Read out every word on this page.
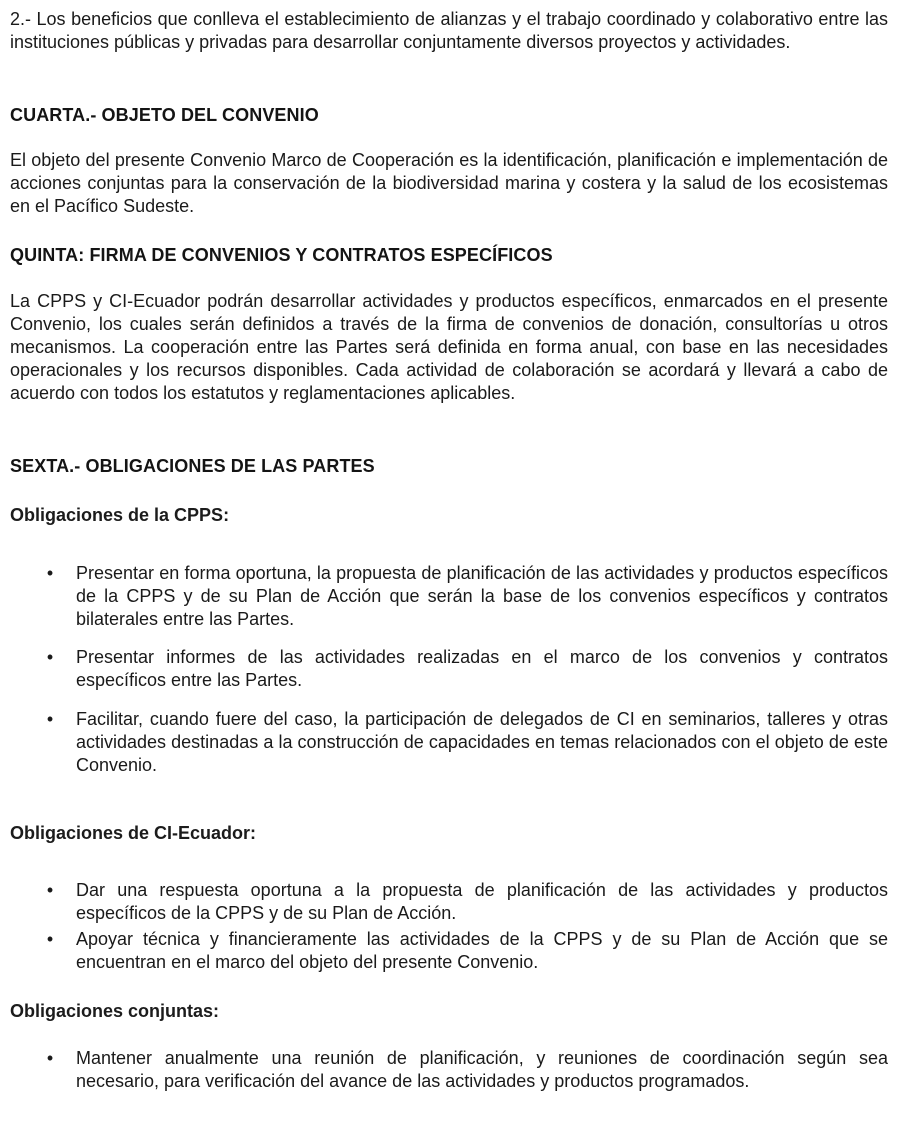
2.- Los beneficios que conlleva el establecimiento de alianzas y el trabajo coordinado y colaborativo entre las instituciones públicas y privadas para desarrollar conjuntamente diversos proyectos y actividades.

CUARTA.- OBJETO DEL CONVENIO

El objeto del presente Convenio Marco de Cooperación es la identificación, planificación e implementación de acciones conjuntas para la conservación de la biodiversidad marina y costera y la salud de los ecosistemas en el Pacífico Sudeste.

QUINTA: FIRMA DE CONVENIOS Y CONTRATOS ESPECÍFICOS

La CPPS y CI-Ecuador podrán desarrollar actividades y productos específicos, enmarcados en el presente Convenio, los cuales serán definidos a través de la firma de convenios de donación, consultorías u otros mecanismos. La cooperación entre las Partes será definida en forma anual, con base en las necesidades operacionales y los recursos disponibles. Cada actividad de colaboración se acordará y llevará a cabo de acuerdo con todos los estatutos y reglamentaciones aplicables.

SEXTA.- OBLIGACIONES DE LAS PARTES
Obligaciones de la CPPS:
• Presentar en forma oportuna, la propuesta de planificación de las actividades y productos específicos de la CPPS y de su Plan de Acción que serán la base de los convenios específicos y contratos bilaterales entre las Partes.
• Presentar informes de las actividades realizadas en el marco de los convenios y contratos específicos entre las Partes.
• Facilitar, cuando fuere del caso, la participación de delegados de CI en seminarios, talleres y otras actividades destinadas a la construcción de capacidades en temas relacionados con el objeto de este Convenio.
Obligaciones de CI-Ecuador:
• Dar una respuesta oportuna a la propuesta de planificación de las actividades y productos específicos de la CPPS y de su Plan de Acción.
• Apoyar técnica y financieramente las actividades de la CPPS y de su Plan de Acción que se encuentran en el marco del objeto del presente Convenio.
Obligaciones conjuntas:
• Mantener anualmente una reunión de planificación, y reuniones de coordinación según sea necesario, para verificación del avance de las actividades y productos programados.
